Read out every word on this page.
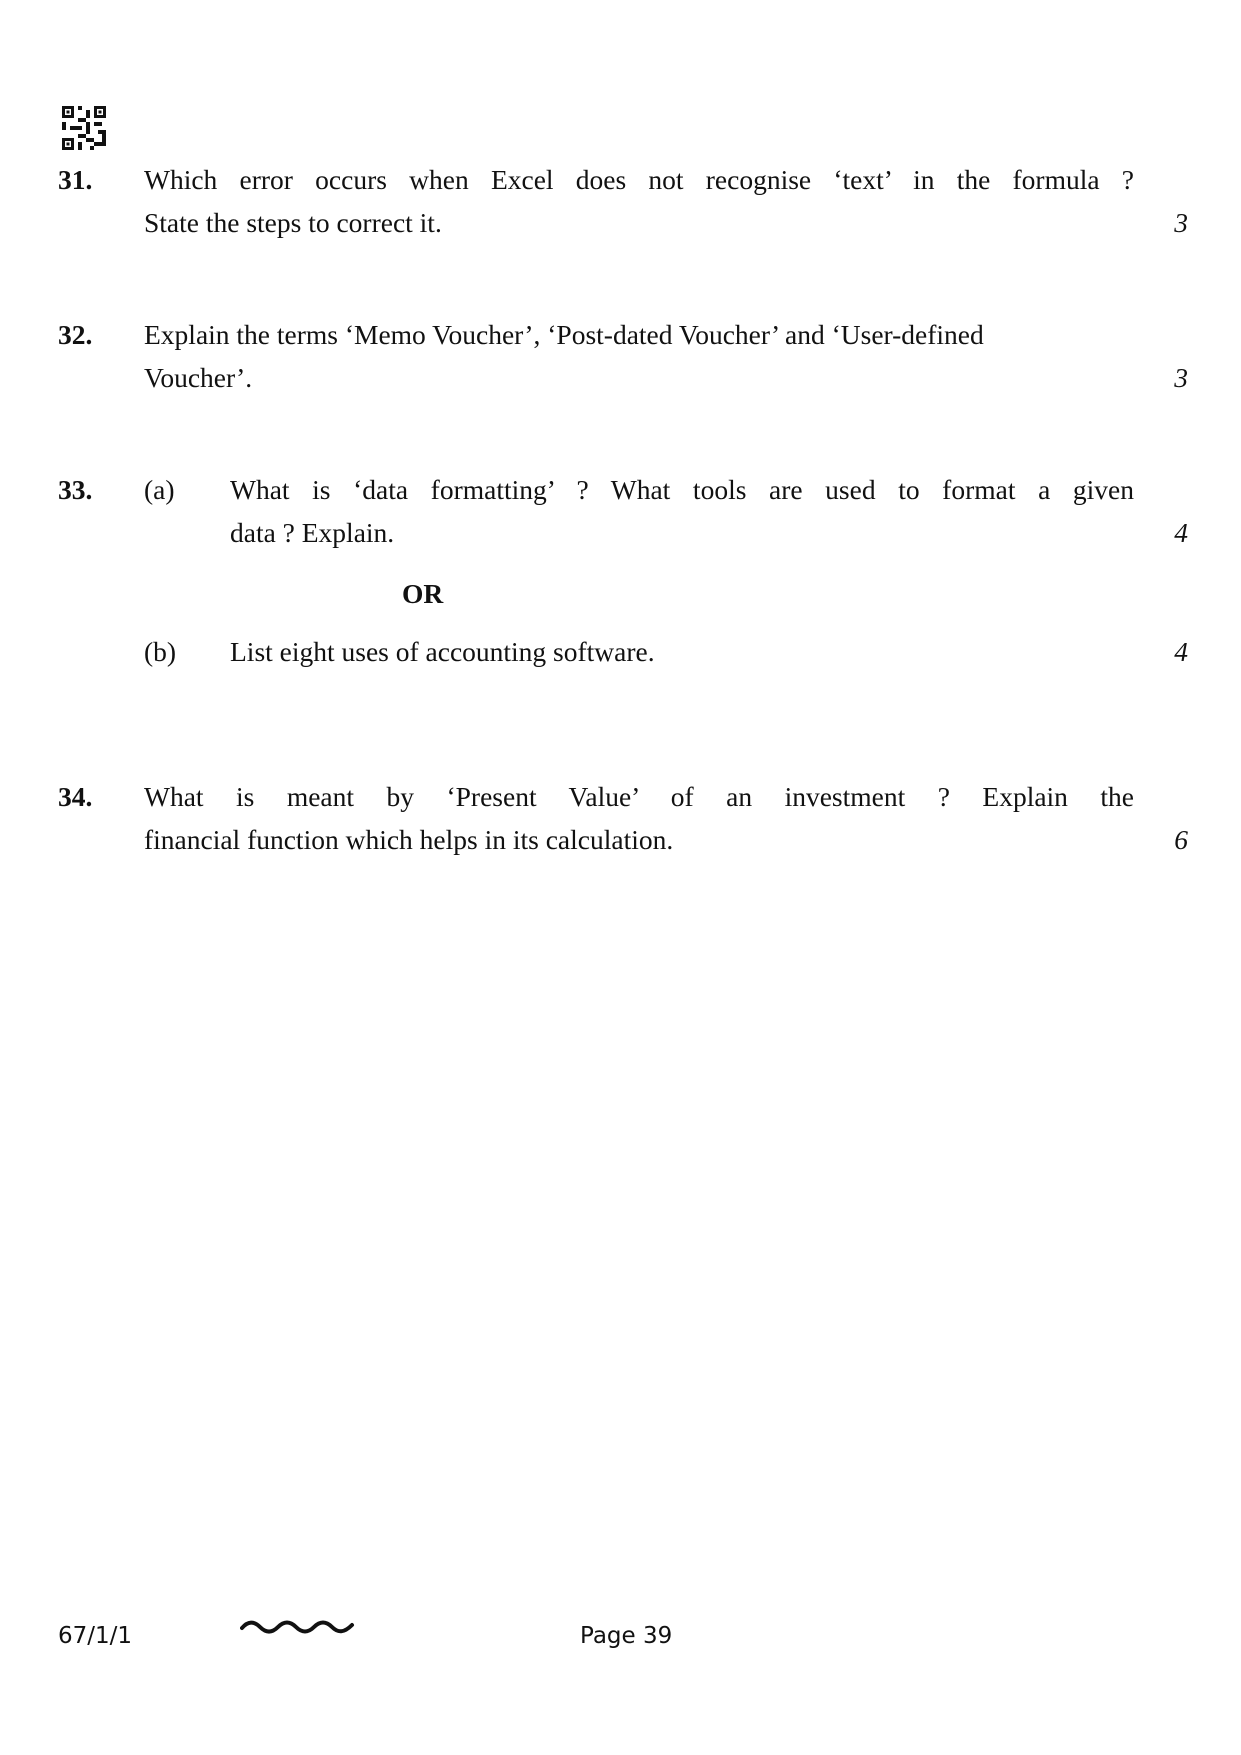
31. Which error occurs when Excel does not recognise ‘text’ in the formula ?
State the steps to correct it.	3
32. Explain the terms ‘Memo Voucher’, ‘Post-dated Voucher’ and ‘User-defined
Voucher’.	3
33. (a) What is ‘data formatting’ ? What tools are used to format a given
data ? Explain.	4
OR
(b) List eight uses of accounting software.	4
34. What is meant by ‘Present Value’ of an investment ? Explain the
financial function which helps in its calculation.	6
67/1/1	Page 39
